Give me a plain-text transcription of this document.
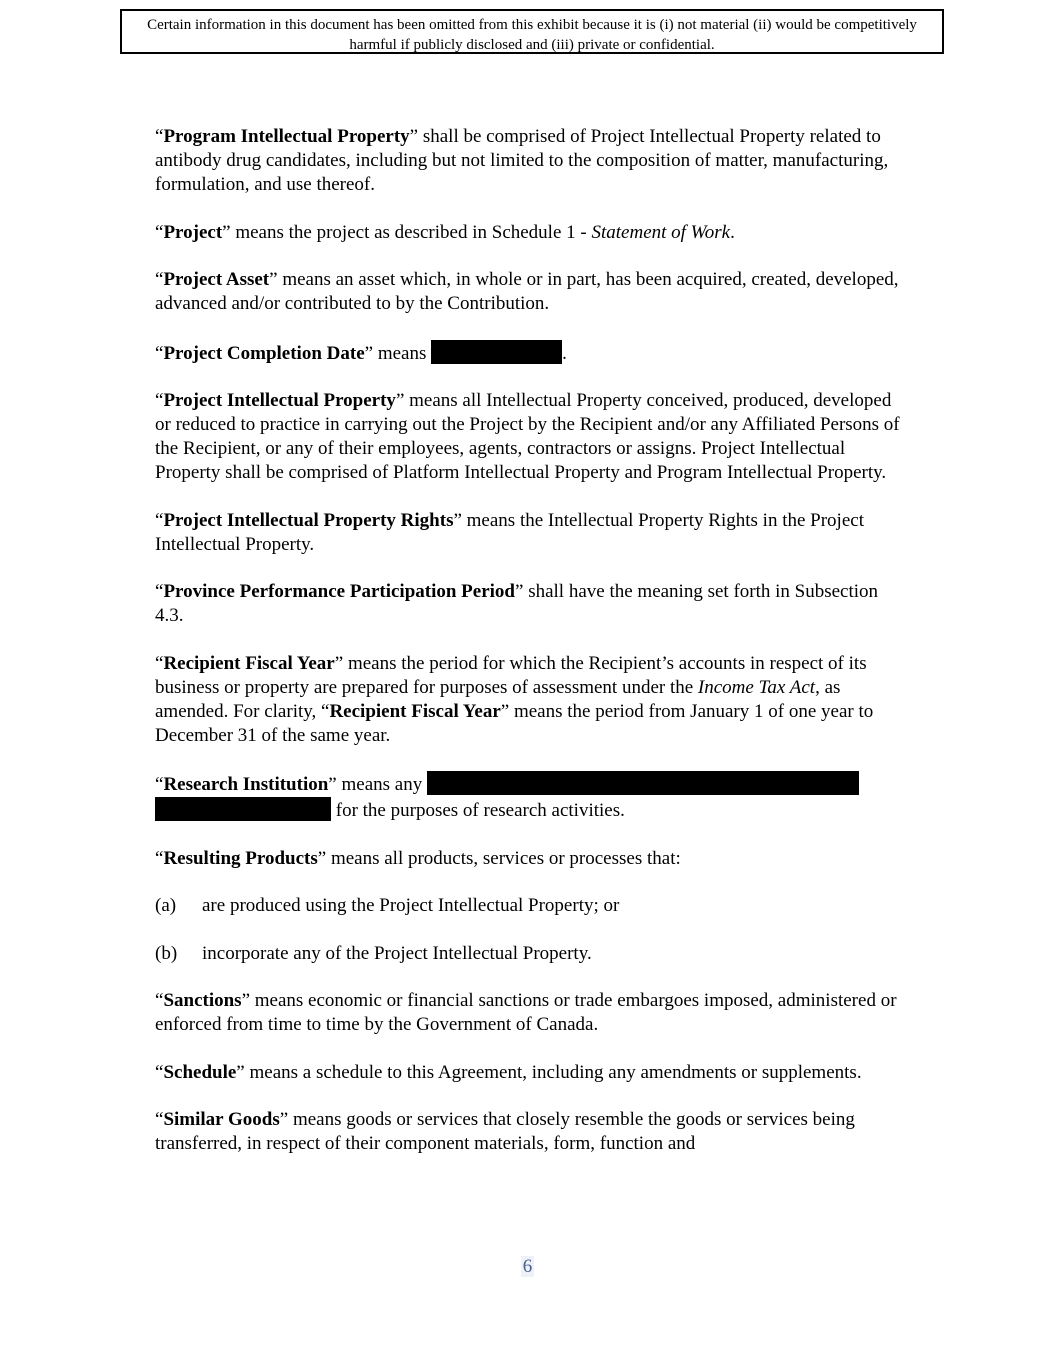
Certain information in this document has been omitted from this exhibit because it is (i) not material (ii) would be competitively harmful if publicly disclosed and (iii) private or confidential.

“Program Intellectual Property” shall be comprised of Project Intellectual Property related to antibody drug candidates, including but not limited to the composition of matter, manufacturing, formulation, and use thereof.

“Project” means the project as described in Schedule 1 - Statement of Work.

“Project Asset” means an asset which, in whole or in part, has been acquired, created, developed, advanced and/or contributed to by the Contribution.

“Project Completion Date” means	.

“Project Intellectual Property” means all Intellectual Property conceived, produced, developed or reduced to practice in carrying out the Project by the Recipient and/or any Affiliated Persons of the Recipient, or any of their employees, agents, contractors or assigns. Project Intellectual Property shall be comprised of Platform Intellectual Property and Program Intellectual Property.

“Project Intellectual Property Rights” means the Intellectual Property Rights in the Project Intellectual Property.

“Province Performance Participation Period” shall have the meaning set forth in Subsection 4.3.

“Recipient Fiscal Year” means the period for which the Recipient’s accounts in respect of its business or property are prepared for purposes of assessment under the Income Tax Act, as amended. For clarity, “Recipient Fiscal Year” means the period from January 1 of one year to December 31 of the same year.

“Research Institution” means any   for the purposes of research activities.

“Resulting Products” means all products, services or processes that:

(a)	are produced using the Project Intellectual Property; or
(b)	incorporate any of the Project Intellectual Property.

“Sanctions” means economic or financial sanctions or trade embargoes imposed, administered or enforced from time to time by the Government of Canada.

“Schedule” means a schedule to this Agreement, including any amendments or supplements.

“Similar Goods” means goods or services that closely resemble the goods or services being transferred, in respect of their component materials, form, function and

6
